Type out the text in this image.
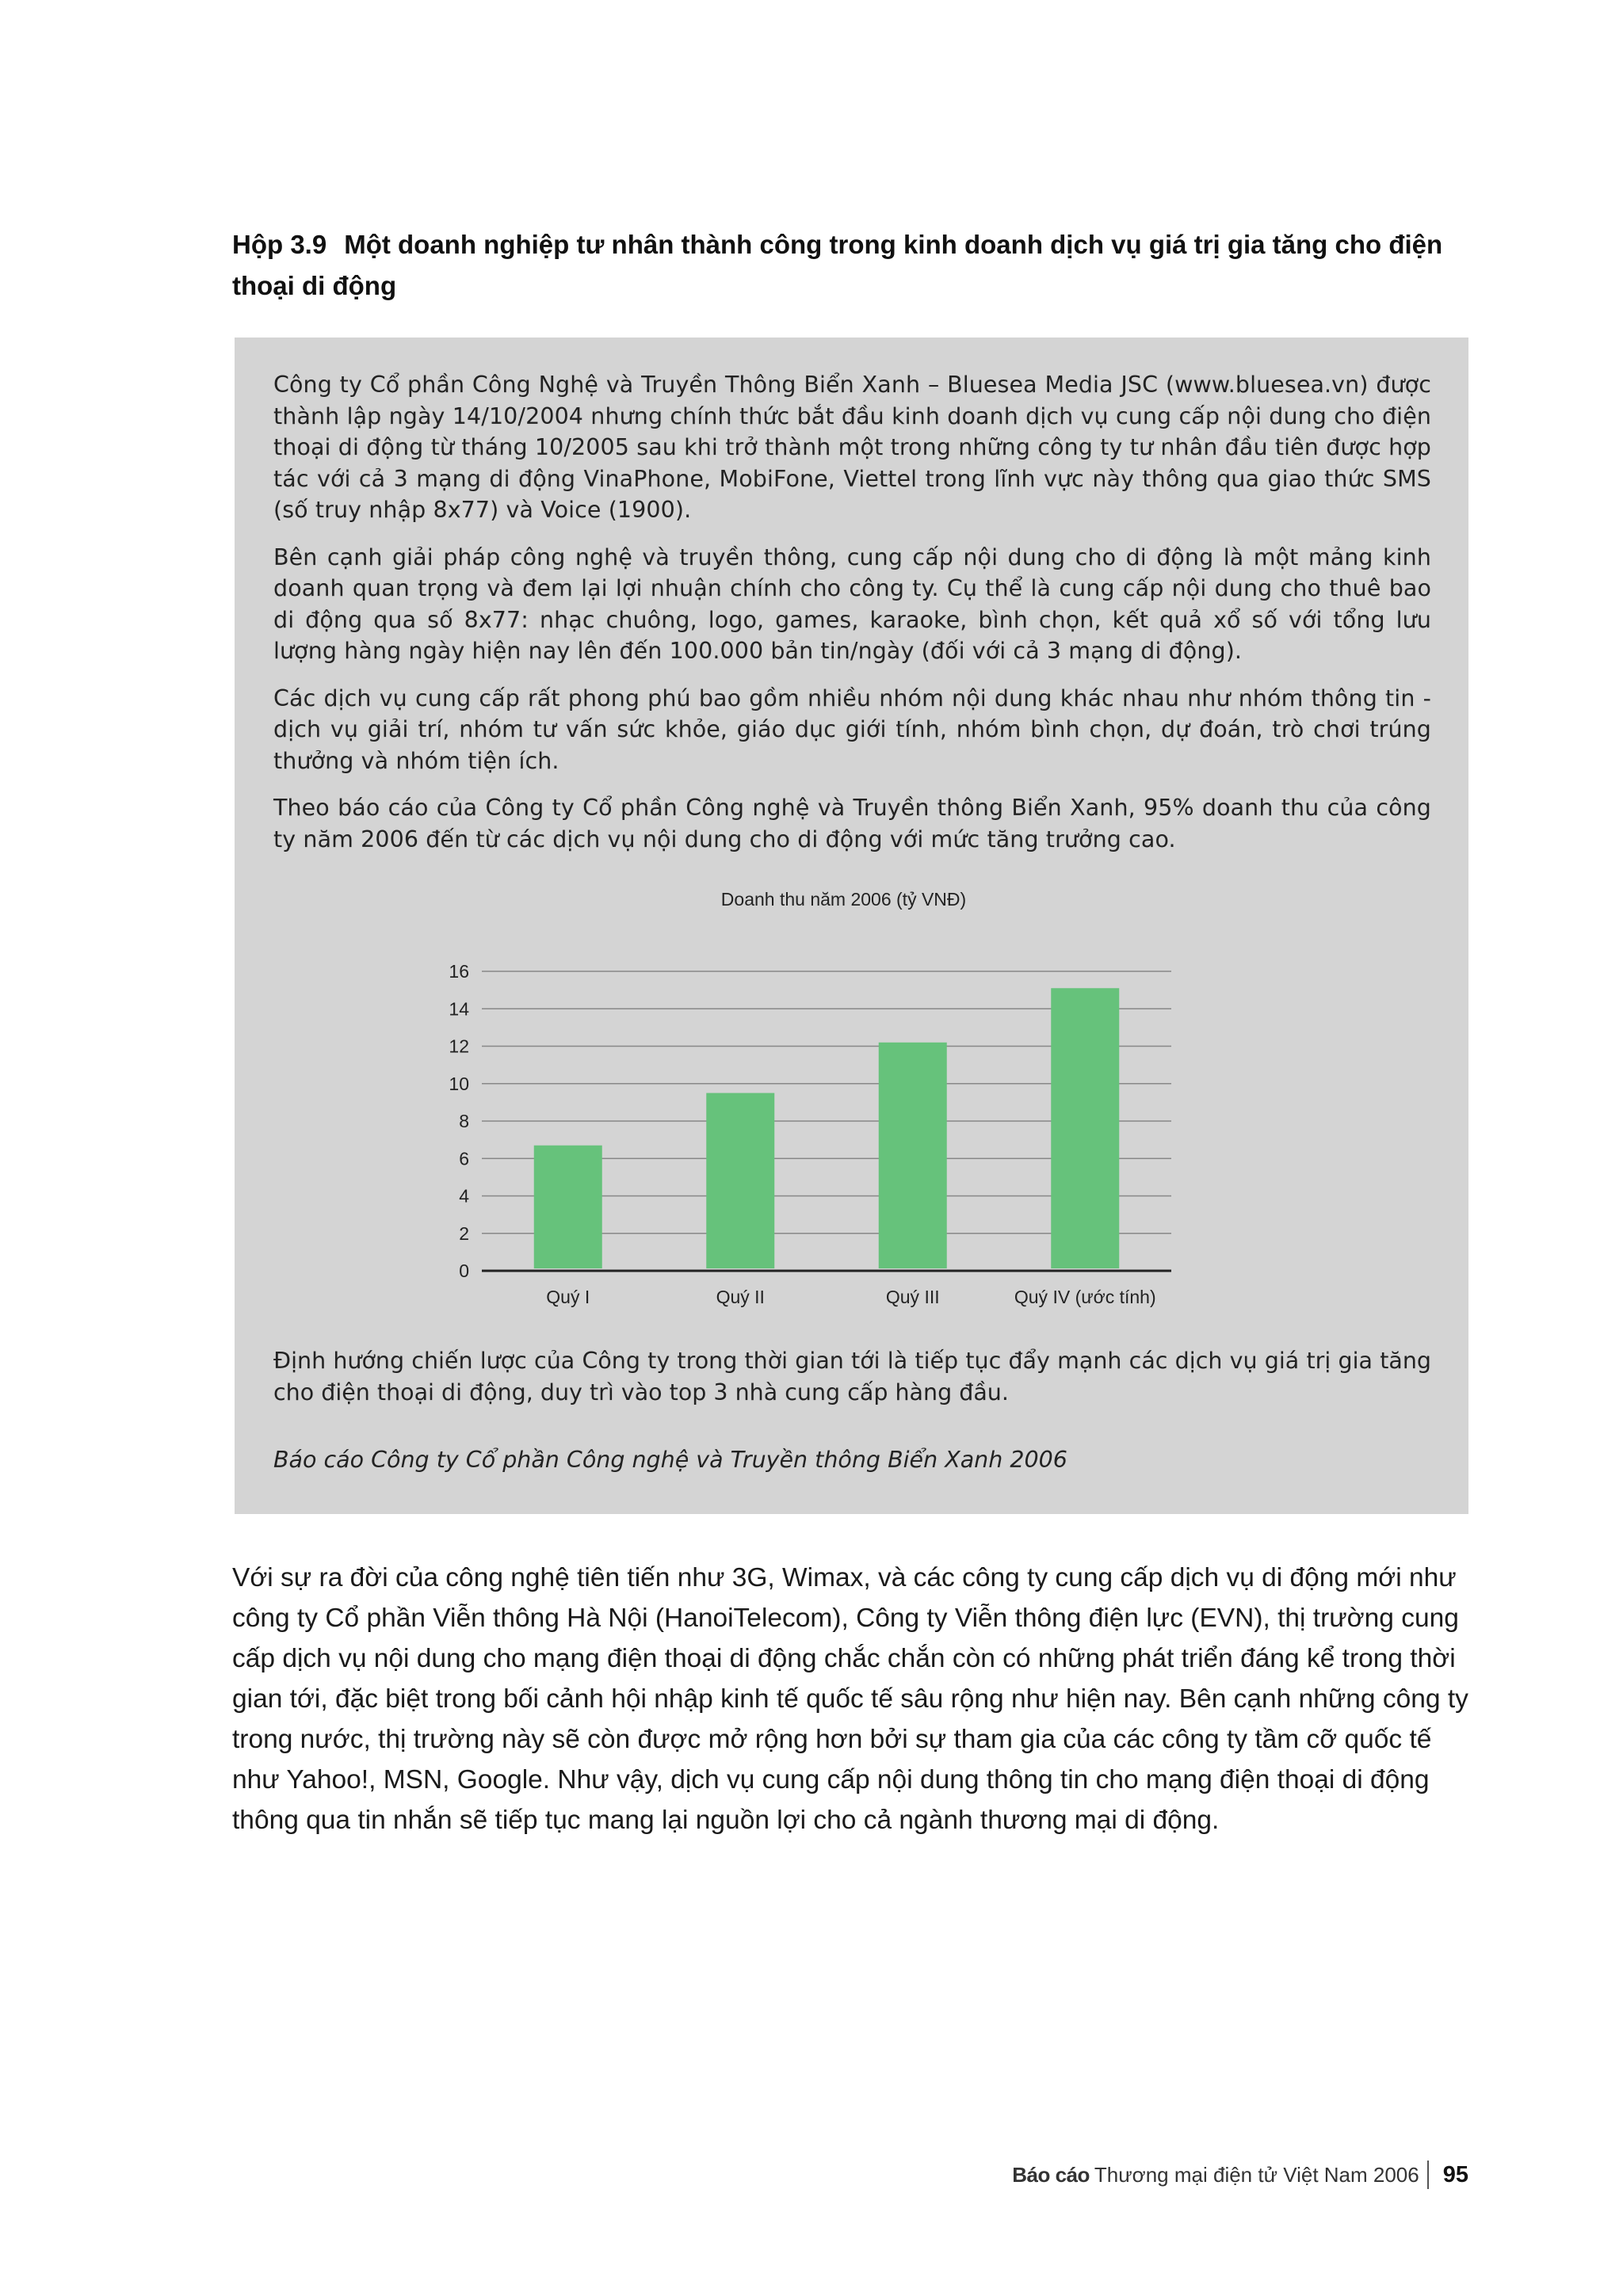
Hộp 3.9 Một doanh nghiệp tư nhân thành công trong kinh doanh dịch vụ giá trị gia tăng cho điện thoại di động

Công ty Cổ phần Công Nghệ và Truyền Thông Biển Xanh – Bluesea Media JSC (www.bluesea.vn) được thành lập ngày 14/10/2004 nhưng chính thức bắt đầu kinh doanh dịch vụ cung cấp nội dung cho điện thoại di động từ tháng 10/2005 sau khi trở thành một trong những công ty tư nhân đầu tiên được hợp tác với cả 3 mạng di động VinaPhone, MobiFone, Viettel trong lĩnh vực này thông qua giao thức SMS (số truy nhập 8x77) và Voice (1900).

Bên cạnh giải pháp công nghệ và truyền thông, cung cấp nội dung cho di động là một mảng kinh doanh quan trọng và đem lại lợi nhuận chính cho công ty. Cụ thể là cung cấp nội dung cho thuê bao di động qua số 8x77: nhạc chuông, logo, games, karaoke, bình chọn, kết quả xổ số với tổng lưu lượng hàng ngày hiện nay lên đến 100.000 bản tin/ngày (đối với cả 3 mạng di động).

Các dịch vụ cung cấp rất phong phú bao gồm nhiều nhóm nội dung khác nhau như nhóm thông tin - dịch vụ giải trí, nhóm tư vấn sức khỏe, giáo dục giới tính, nhóm bình chọn, dự đoán, trò chơi trúng thưởng và nhóm tiện ích.

Theo báo cáo của Công ty Cổ phần Công nghệ và Truyền thông Biển Xanh, 95% doanh thu của công ty năm 2006 đến từ các dịch vụ nội dung cho di động với mức tăng trưởng cao.

Doanh thu năm 2006 (tỷ VNĐ)
0
2
4
6
8
10
12
14
16
Quý I	Quý II	Quý III	Quý IV (ước tính)
Định hướng chiến lược của Công ty trong thời gian tới là tiếp tục đẩy mạnh các dịch vụ giá trị gia tăng cho điện thoại di động, duy trì vào top 3 nhà cung cấp hàng đầu.
Báo cáo Công ty Cổ phần Công nghệ và Truyền thông Biển Xanh 2006
Với sự ra đời của công nghệ tiên tiến như 3G, Wimax, và các công ty cung cấp dịch vụ di động mới như công ty Cổ phần Viễn thông Hà Nội (HanoiTelecom), Công ty Viễn thông điện lực (EVN), thị trường cung cấp dịch vụ nội dung cho mạng điện thoại di động chắc chắn còn có những phát triển đáng kể trong thời gian tới, đặc biệt trong bối cảnh hội nhập kinh tế quốc tế sâu rộng như hiện nay. Bên cạnh những công ty trong nước, thị trường này sẽ còn được mở rộng hơn bởi sự tham gia của các công ty tầm cỡ quốc tế như Yahoo!, MSN, Google. Như vậy, dịch vụ cung cấp nội dung thông tin cho mạng điện thoại di động thông qua tin nhắn sẽ tiếp tục mang lại nguồn lợi cho cả ngành thương mại di động.
Báo cáo Thương mại điện tử Việt Nam 2006 95
